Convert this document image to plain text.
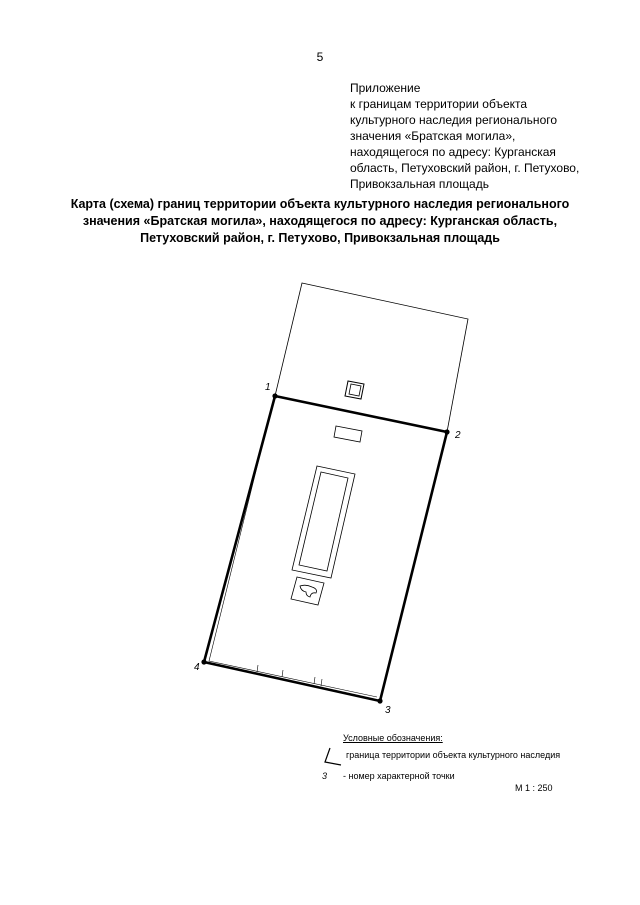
5
Приложение
к границам территории объекта
культурного наследия регионального
значения «Братская могила»,
находящегося по адресу: Курганская
область, Петуховский район, г. Петухово,
Привокзальная площадь
Карта (схема) границ территории объекта культурного наследия регионального
значения «Братская могила», находящегося по адресу: Курганская область,
Петуховский район, г. Петухово, Привокзальная площадь
1
2
3
4
Условные обозначения:
граница территории объекта культурного наследия
3 - номер характерной точки
М 1 : 250
